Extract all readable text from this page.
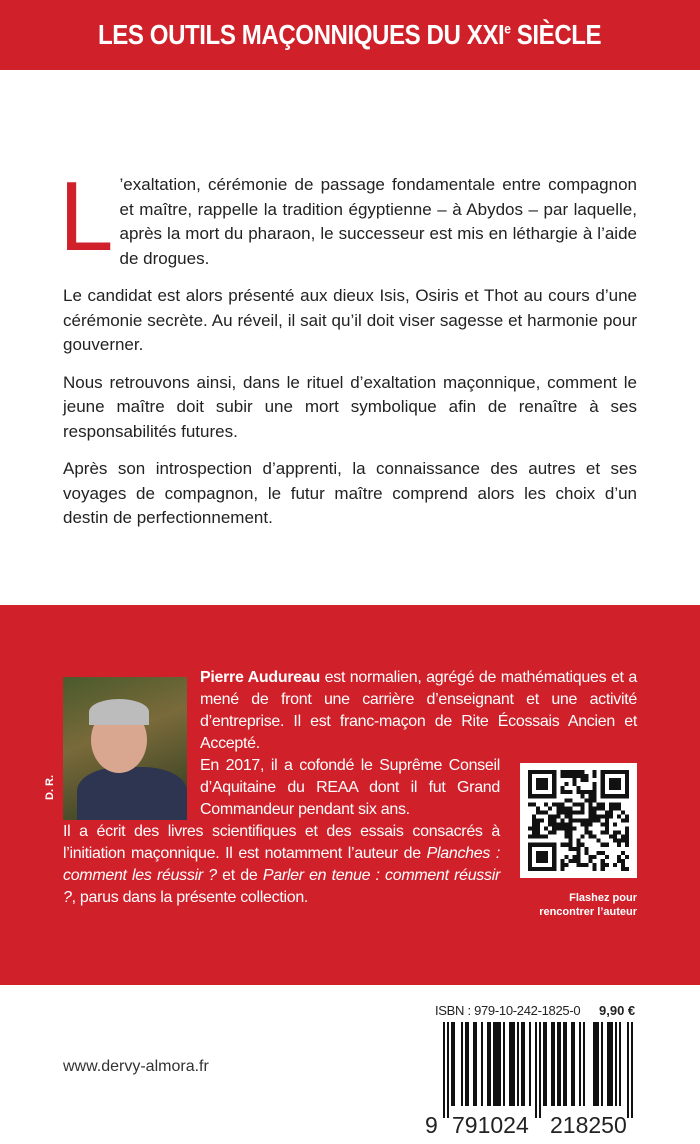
LES OUTILS MAÇONNIQUES DU XXIe SIÈCLE

L ’exaltation, cérémonie de passage fondamentale entre compagnon et maître, rappelle la tradition égyptienne – à Abydos – par laquelle, après la mort du pharaon, le successeur est mis en léthargie à l’aide de drogues.

Le candidat est alors présenté aux dieux Isis, Osiris et Thot au cours d’une cérémonie secrète. Au réveil, il sait qu’il doit viser sagesse et harmonie pour gouverner.

Nous retrouvons ainsi, dans le rituel d’exaltation maçonnique, comment le jeune maître doit subir une mort symbolique afin de renaître à ses responsabilités futures.

Après son introspection d’apprenti, la connaissance des autres et ses voyages de compagnon, le futur maître comprend alors les choix d’un destin de perfectionnement.

D. R.
Pierre Audureau est normalien, agrégé de mathématiques et a mené de front une carrière d’enseignant et une activité d’entreprise. Il est franc-maçon de Rite Écossais Ancien et Accepté.
En 2017, il a cofondé le Suprême Conseil d’Aquitaine du REAA dont il fut Grand Commandeur pendant six ans.
Il a écrit des livres scientifiques et des essais consacrés à l’initiation maçonnique. Il est notamment l’auteur de Planches : comment les réussir ? et de Parler en tenue : comment réussir ?, parus dans la présente collection.	Flashez pour
rencontrer l’auteur
www.dervy-almora.fr
ISBN : 979-10-242-1825-0 9,90 €
9 791024 218250
